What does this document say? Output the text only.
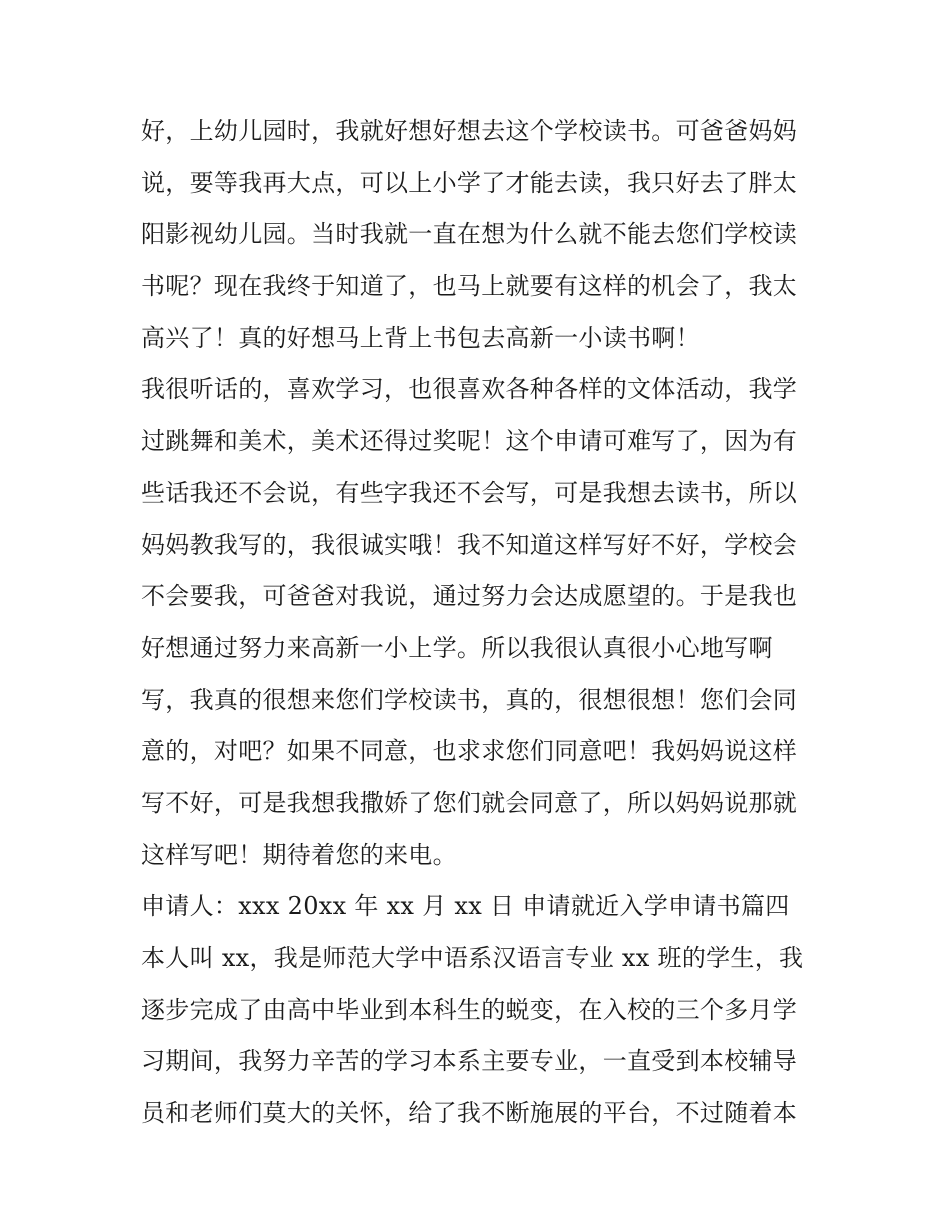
好，上幼儿园时，我就好想好想去这个学校读书。可爸爸妈妈
说，要等我再大点，可以上小学了才能去读，我只好去了胖太
阳影视幼儿园。当时我就一直在想为什么就不能去您们学校读
书呢？现在我终于知道了，也马上就要有这样的机会了，我太
高兴了！真的好想马上背上书包去高新一小读书啊！
我很听话的，喜欢学习，也很喜欢各种各样的文体活动，我学
过跳舞和美术，美术还得过奖呢！这个申请可难写了，因为有
些话我还不会说，有些字我还不会写，可是我想去读书，所以
妈妈教我写的，我很诚实哦！我不知道这样写好不好，学校会
不会要我，可爸爸对我说，通过努力会达成愿望的。于是我也
好想通过努力来高新一小上学。所以我很认真很小心地写啊
写，我真的很想来您们学校读书，真的，很想很想！您们会同
意的，对吧？如果不同意，也求求您们同意吧！我妈妈说这样
写不好，可是我想我撒娇了您们就会同意了，所以妈妈说那就
这样写吧！期待着您的来电。
申请人：xxx 20xx 年 xx 月 xx 日 申请就近入学申请书篇四
本人叫 xx，我是师范大学中语系汉语言专业 xx 班的学生，我
逐步完成了由高中毕业到本科生的蜕变，在入校的三个多月学
习期间，我努力辛苦的学习本系主要专业，一直受到本校辅导
员和老师们莫大的关怀，给了我不断施展的平台，不过随着本
